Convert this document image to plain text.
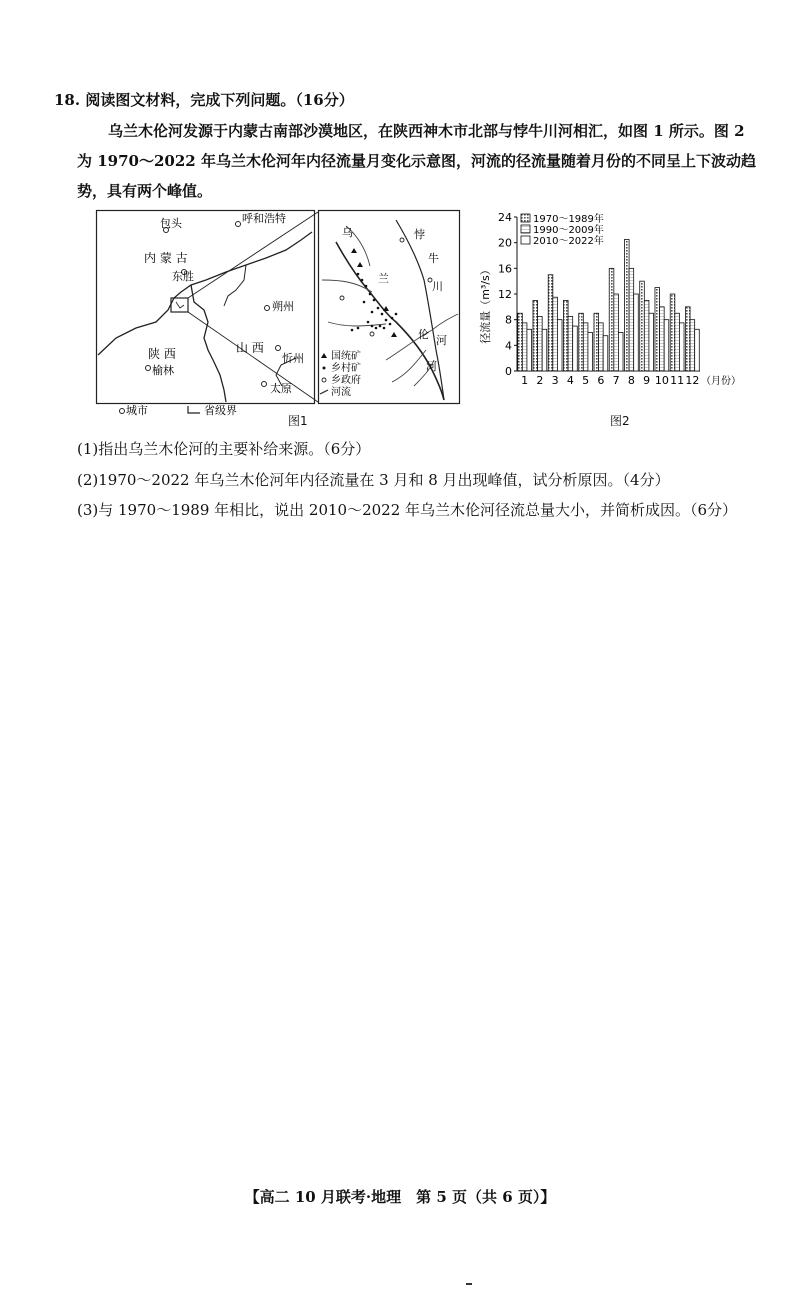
18. 阅读图文材料，完成下列问题。（16分）
乌兰木伦河发源于内蒙古南部沙漠地区，在陕西神木市北部与悖牛川河相汇，如图 1 所示。图 2
为 1970～2022 年乌兰木伦河年内径流量月变化示意图，河流的径流量随着月份的不同呈上下波动趋
势，具有两个峰值。
包头	呼和浩特
内 蒙 古
东胜
朔州
陕 西	山 西
榆林
忻州
太原
城市	省级界
乌
兰
悖
牛
川
伦 河
河
国统矿
乡村矿
乡政府
河流
图1
径流量（m³/s）
0
4
8
12
16
20
24
1 2 3 4 5 6 7 8 9 10 11 12 （月份）
1970～1989年
1990～2009年
2010～2022年
图2
(1)指出乌兰木伦河的主要补给来源。（6分）
(2)1970～2022 年乌兰木伦河年内径流量在 3 月和 8 月出现峰值，试分析原因。（4分）
(3)与 1970～1989 年相比，说出 2010～2022 年乌兰木伦河径流总量大小，并简析成因。（6分）
【高二 10 月联考·地理　第 5 页（共 6 页）】
